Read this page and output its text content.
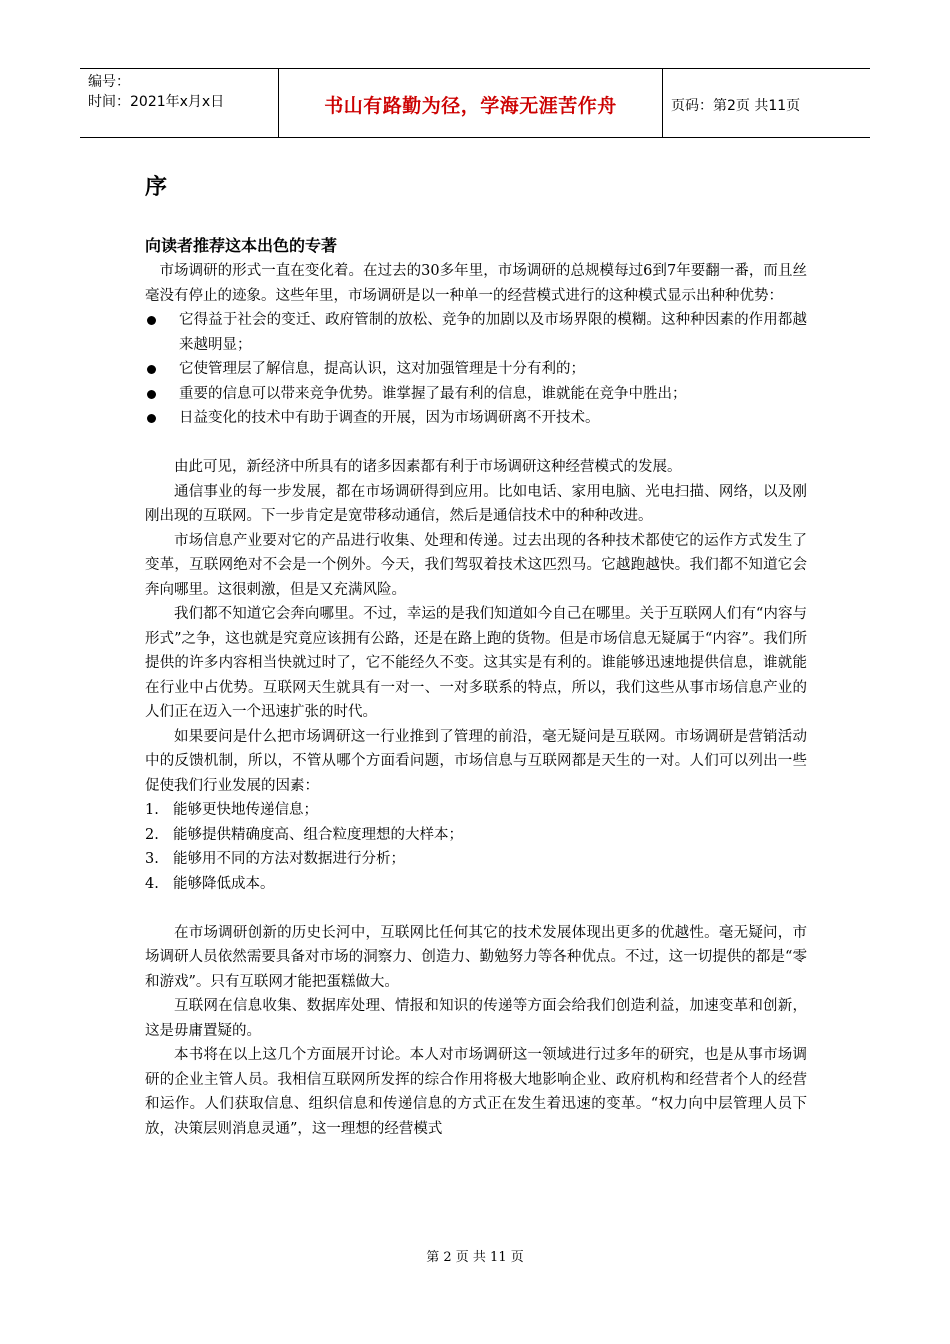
编号：
时间：2021年x月x日	书山有路勤为径，学海无涯苦作舟	页码：第2页 共11页
序
向读者推荐这本出色的专著

市场调研的形式一直在变化着。在过去的30多年里，市场调研的总规模每过6到7年要翻一番，而且丝毫没有停止的迹象。这些年里，市场调研是以一种单一的经营模式进行的这种模式显示出种种优势：

它得益于社会的变迁、政府管制的放松、竞争的加剧以及市场界限的模糊。这种种因素的作用都越来越明显；
它使管理层了解信息，提高认识，这对加强管理是十分有利的；
重要的信息可以带来竞争优势。谁掌握了最有利的信息，谁就能在竞争中胜出；
日益变化的技术中有助于调查的开展，因为市场调研离不开技术。

由此可见，新经济中所具有的诸多因素都有利于市场调研这种经营模式的发展。

通信事业的每一步发展，都在市场调研得到应用。比如电话、家用电脑、光电扫描、网络，以及刚刚出现的互联网。下一步肯定是宽带移动通信，然后是通信技术中的种种改进。

市场信息产业要对它的产品进行收集、处理和传递。过去出现的各种技术都使它的运作方式发生了变革，互联网绝对不会是一个例外。今天，我们驾驭着技术这匹烈马。它越跑越快。我们都不知道它会奔向哪里。这很刺激，但是又充满风险。

我们都不知道它会奔向哪里。不过，幸运的是我们知道如今自己在哪里。关于互联网人们有“内容与形式”之争，这也就是究竟应该拥有公路，还是在路上跑的货物。但是市场信息无疑属于“内容”。我们所提供的许多内容相当快就过时了，它不能经久不变。这其实是有利的。谁能够迅速地提供信息，谁就能在行业中占优势。互联网天生就具有一对一、一对多联系的特点，所以，我们这些从事市场信息产业的人们正在迈入一个迅速扩张的时代。

如果要问是什么把市场调研这一行业推到了管理的前沿，毫无疑问是互联网。市场调研是营销活动中的反馈机制，所以，不管从哪个方面看问题，市场信息与互联网都是天生的一对。人们可以列出一些促使我们行业发展的因素：

1. 能够更快地传递信息；
2. 能够提供精确度高、组合粒度理想的大样本；
3. 能够用不同的方法对数据进行分析；
4. 能够降低成本。

在市场调研创新的历史长河中，互联网比任何其它的技术发展体现出更多的优越性。毫无疑问，市场调研人员依然需要具备对市场的洞察力、创造力、勤勉努力等各种优点。不过，这一切提供的都是“零和游戏”。只有互联网才能把蛋糕做大。

互联网在信息收集、数据库处理、情报和知识的传递等方面会给我们创造利益，加速变革和创新，这是毋庸置疑的。

本书将在以上这几个方面展开讨论。本人对市场调研这一领域进行过多年的研究，也是从事市场调研的企业主管人员。我相信互联网所发挥的综合作用将极大地影响企业、政府机构和经营者个人的经营和运作。人们获取信息、组织信息和传递信息的方式正在发生着迅速的变革。“权力向中层管理人员下放，决策层则消息灵通”，这一理想的经营模式

第 2 页 共 11 页
